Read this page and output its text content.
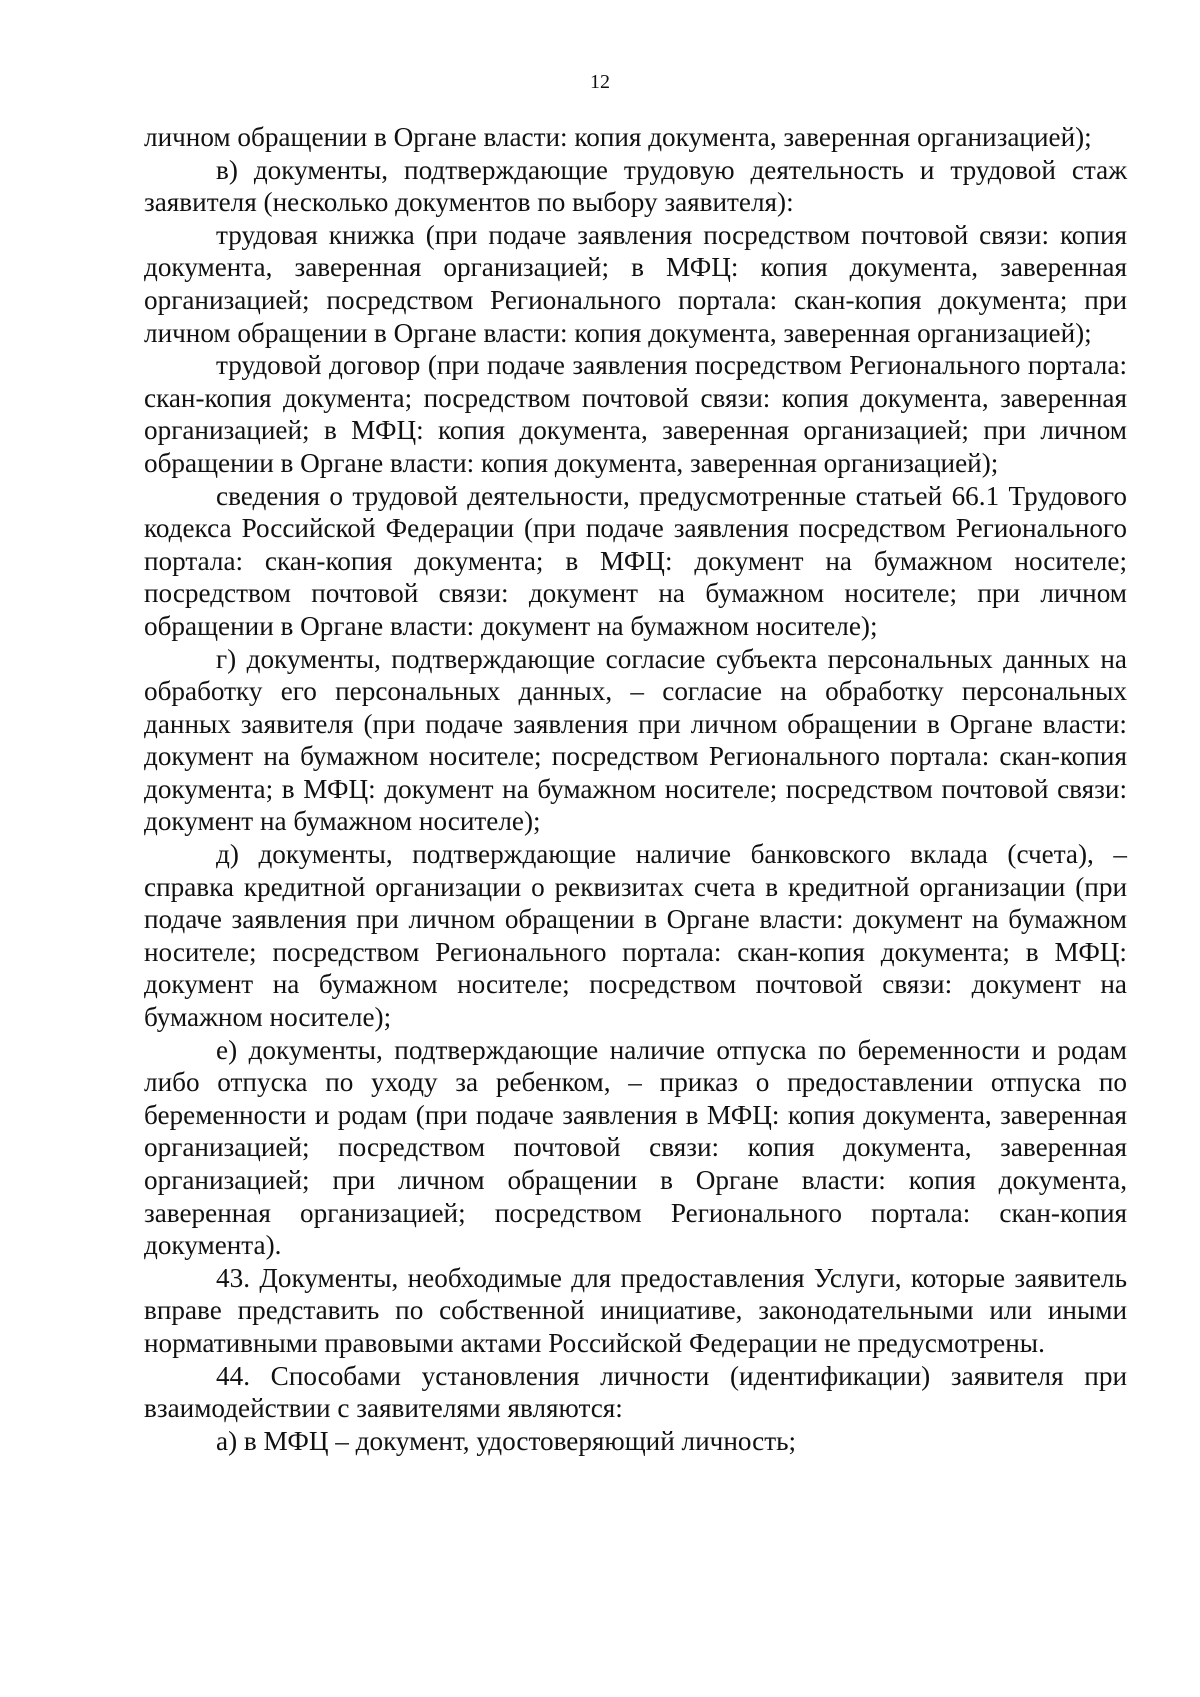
12

личном обращении в Органе власти: копия документа, заверенная организацией);

в) документы, подтверждающие трудовую деятельность и трудовой стаж заявителя (несколько документов по выбору заявителя):

трудовая книжка (при подаче заявления посредством почтовой связи: копия документа, заверенная организацией; в МФЦ: копия документа, заверенная организацией; посредством Регионального портала: скан-копия документа; при личном обращении в Органе власти: копия документа, заверенная организацией);

трудовой договор (при подаче заявления посредством Регионального портала: скан-копия документа; посредством почтовой связи: копия документа, заверенная организацией; в МФЦ: копия документа, заверенная организацией; при личном обращении в Органе власти: копия документа, заверенная организацией);

сведения о трудовой деятельности, предусмотренные статьей 66.1 Трудового кодекса Российской Федерации (при подаче заявления посредством Регионального портала: скан-копия документа; в МФЦ: документ на бумажном носителе; посредством почтовой связи: документ на бумажном носителе; при личном обращении в Органе власти: документ на бумажном носителе);

г) документы, подтверждающие согласие субъекта персональных данных на обработку его персональных данных, – согласие на обработку персональных данных заявителя (при подаче заявления при личном обращении в Органе власти: документ на бумажном носителе; посредством Регионального портала: скан-копия документа; в МФЦ: документ на бумажном носителе; посредством почтовой связи: документ на бумажном носителе);

д) документы, подтверждающие наличие банковского вклада (счета), – справка кредитной организации о реквизитах счета в кредитной организации (при подаче заявления при личном обращении в Органе власти: документ на бумажном носителе; посредством Регионального портала: скан-копия документа; в МФЦ: документ на бумажном носителе; посредством почтовой связи: документ на бумажном носителе);

е) документы, подтверждающие наличие отпуска по беременности и родам либо отпуска по уходу за ребенком, – приказ о предоставлении отпуска по беременности и родам (при подаче заявления в МФЦ: копия документа, заверенная организацией; посредством почтовой связи: копия документа, заверенная организацией; при личном обращении в Органе власти: копия документа, заверенная организацией; посредством Регионального портала: скан-копия документа).

43. Документы, необходимые для предоставления Услуги, которые заявитель вправе представить по собственной инициативе, законодательными или иными нормативными правовыми актами Российской Федерации не предусмотрены.

44. Способами установления личности (идентификации) заявителя при взаимодействии с заявителями являются:

а) в МФЦ – документ, удостоверяющий личность;
